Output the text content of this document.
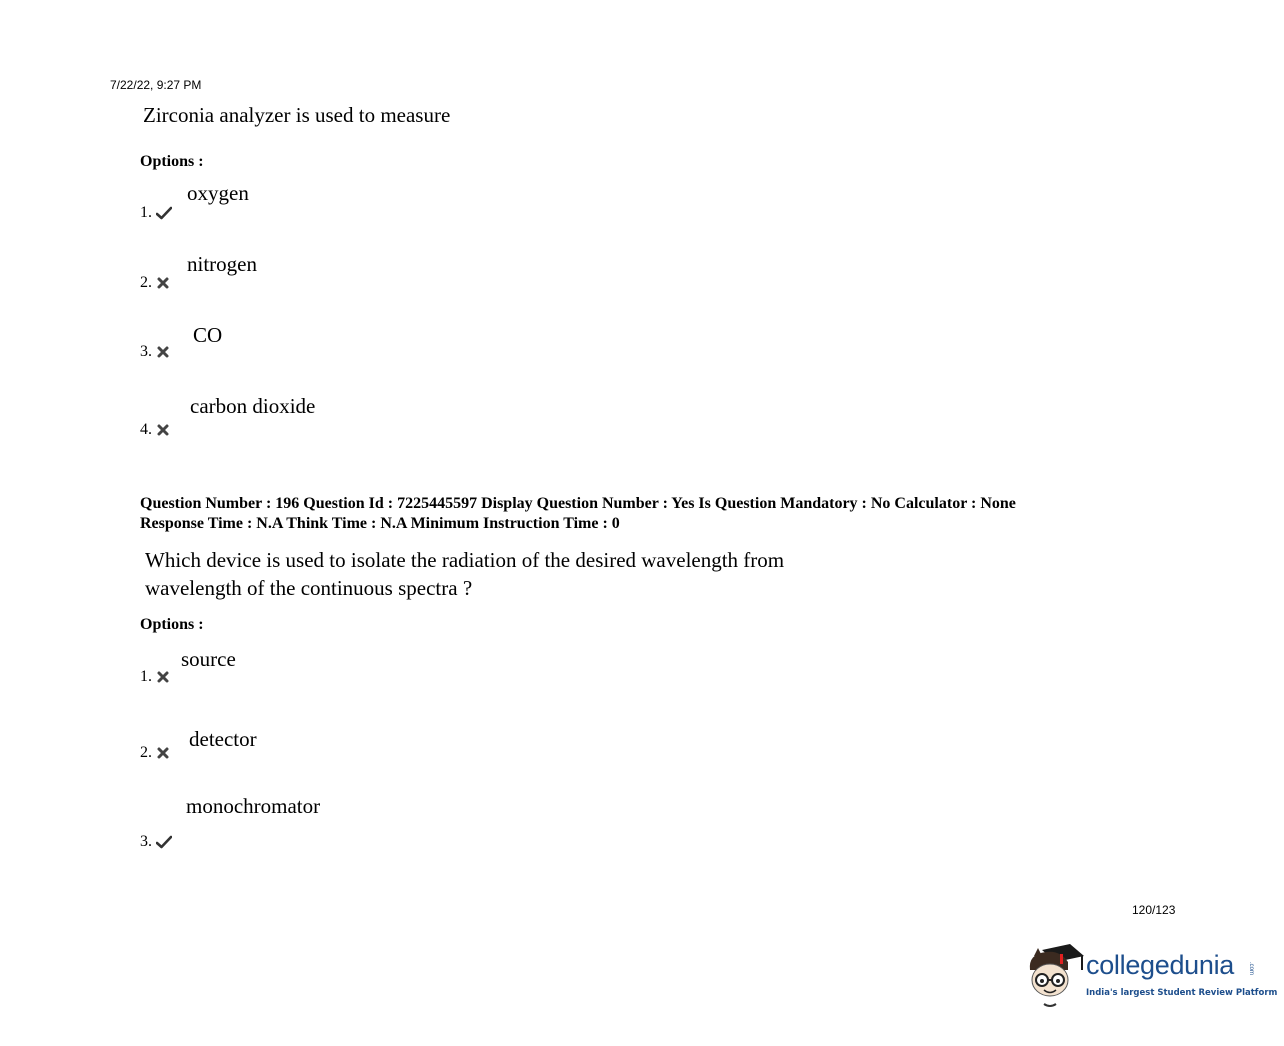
7/22/22, 9:27 PM
Zirconia analyzer is used to measure
Options :
oxygen
1.
nitrogen
2.
CO
3.
carbon dioxide
4.
Question Number : 196 Question Id : 7225445597 Display Question Number : Yes Is Question Mandatory : No Calculator : None
Response Time : N.A Think Time : N.A Minimum Instruction Time : 0
Which device is used to isolate the radiation of the desired wavelength from
wavelength of the continuous spectra ?
Options :
source
1.
detector
2.
monochromator
3.
120/123
collegedunia .com
India's largest Student Review Platform
